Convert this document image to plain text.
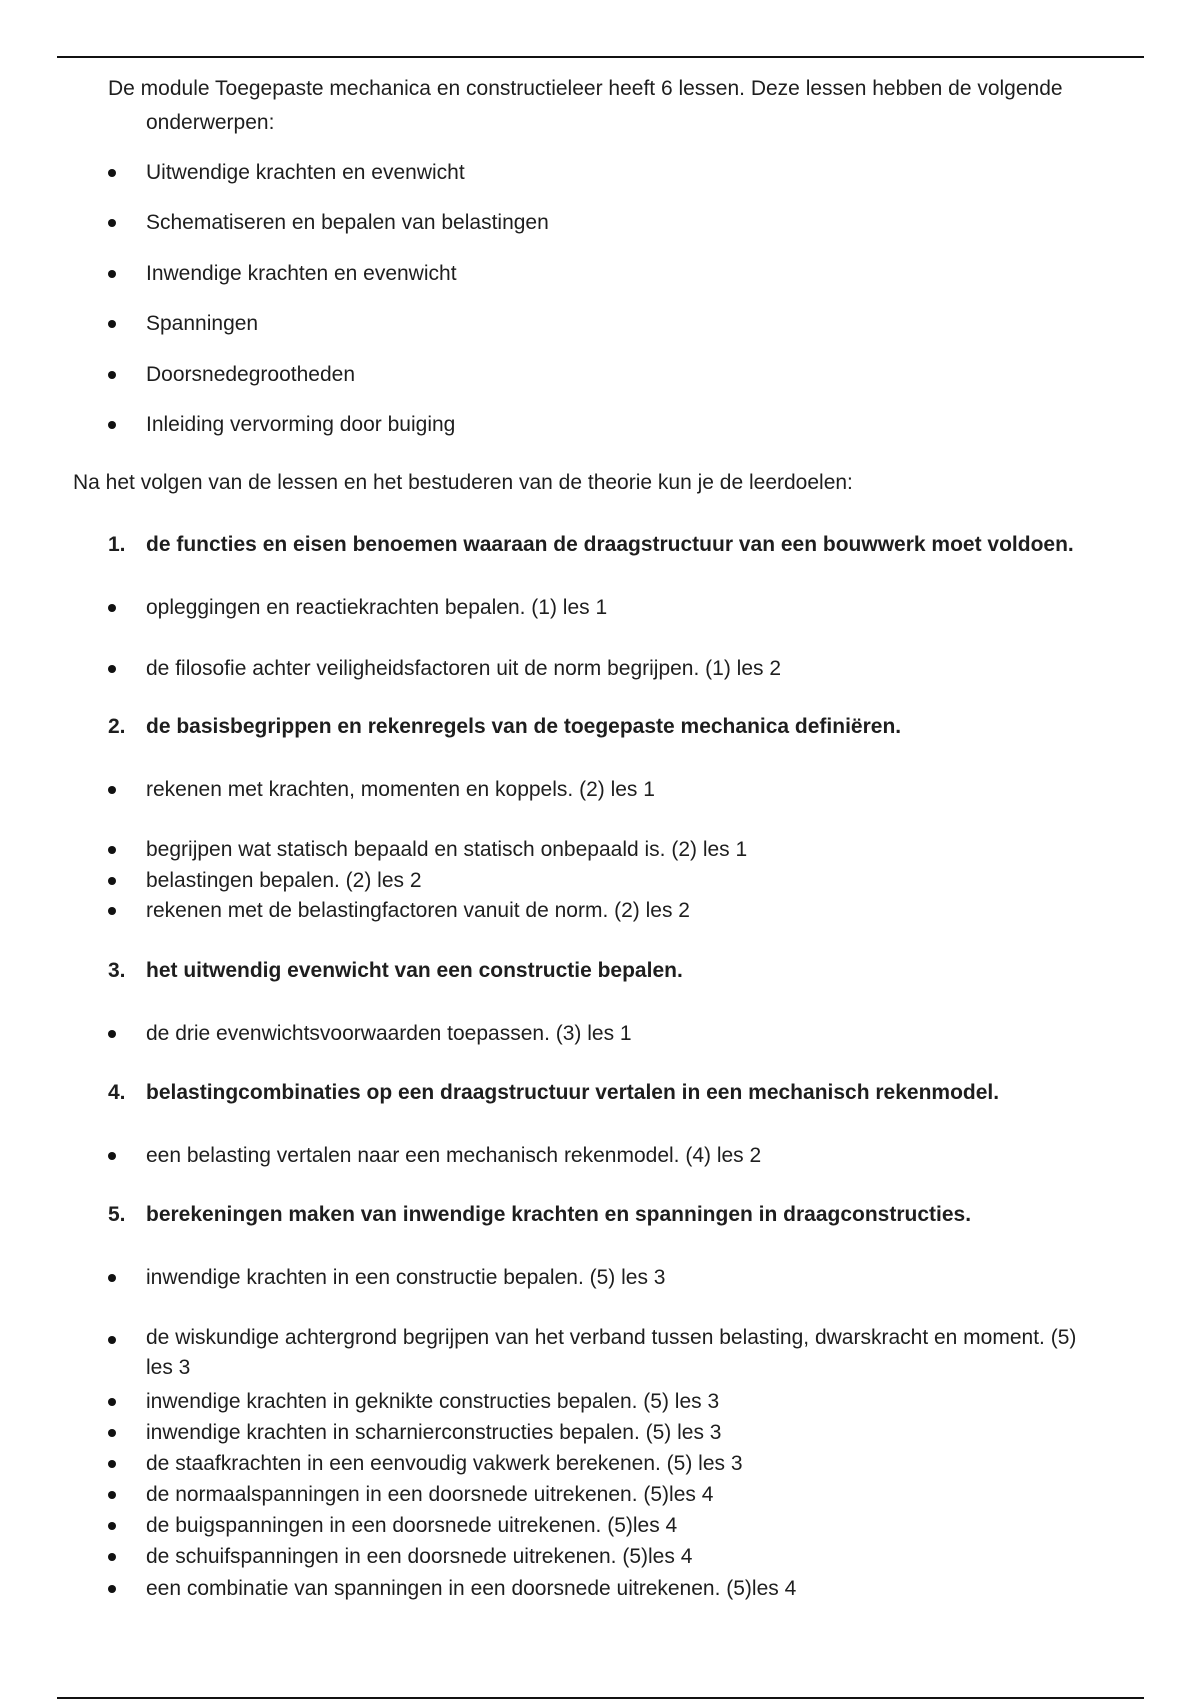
De module Toegepaste mechanica en constructieleer heeft 6 lessen. Deze lessen hebben de volgende
onderwerpen:
Uitwendige krachten en evenwicht
Schematiseren en bepalen van belastingen
Inwendige krachten en evenwicht
Spanningen
Doorsnedegrootheden
Inleiding vervorming door buiging
Na het volgen van de lessen en het bestuderen van de theorie kun je de leerdoelen:
1. de functies en eisen benoemen waaraan de draagstructuur van een bouwwerk moet voldoen.
opleggingen en reactiekrachten bepalen. (1) les 1
de filosofie achter veiligheidsfactoren uit de norm begrijpen. (1) les 2
2. de basisbegrippen en rekenregels van de toegepaste mechanica definiëren.
rekenen met krachten, momenten en koppels. (2) les 1
begrijpen wat statisch bepaald en statisch onbepaald is. (2) les 1
belastingen bepalen. (2) les 2
rekenen met de belastingfactoren vanuit de norm. (2) les 2
3. het uitwendig evenwicht van een constructie bepalen.
de drie evenwichtsvoorwaarden toepassen. (3) les 1
4. belastingcombinaties op een draagstructuur vertalen in een mechanisch rekenmodel.
een belasting vertalen naar een mechanisch rekenmodel. (4) les 2
5. berekeningen maken van inwendige krachten en spanningen in draagconstructies.
inwendige krachten in een constructie bepalen. (5) les 3
de wiskundige achtergrond begrijpen van het verband tussen belasting, dwarskracht en moment. (5) les 3
inwendige krachten in geknikte constructies bepalen. (5) les 3
inwendige krachten in scharnierconstructies bepalen. (5) les 3
de staafkrachten in een eenvoudig vakwerk berekenen. (5) les 3
de normaalspanningen in een doorsnede uitrekenen. (5)les 4
de buigspanningen in een doorsnede uitrekenen. (5)les 4
de schuifspanningen in een doorsnede uitrekenen. (5)les 4
een combinatie van spanningen in een doorsnede uitrekenen. (5)les 4
